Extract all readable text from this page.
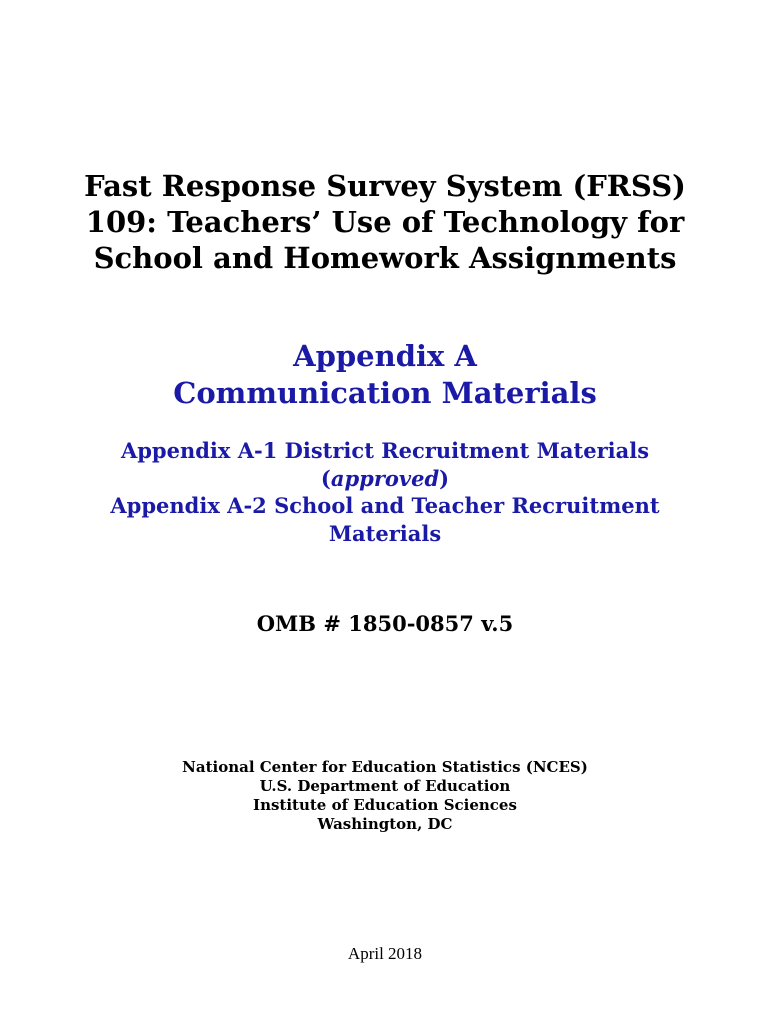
Fast Response Survey System (FRSS)
109: Teachers’ Use of Technology for
School and Homework Assignments
Appendix A
Communication Materials
Appendix A-1 District Recruitment Materials
(approved)
Appendix A-2 School and Teacher Recruitment
Materials
OMB # 1850-0857 v.5
National Center for Education Statistics (NCES)
U.S. Department of Education
Institute of Education Sciences
Washington, DC
April 2018
